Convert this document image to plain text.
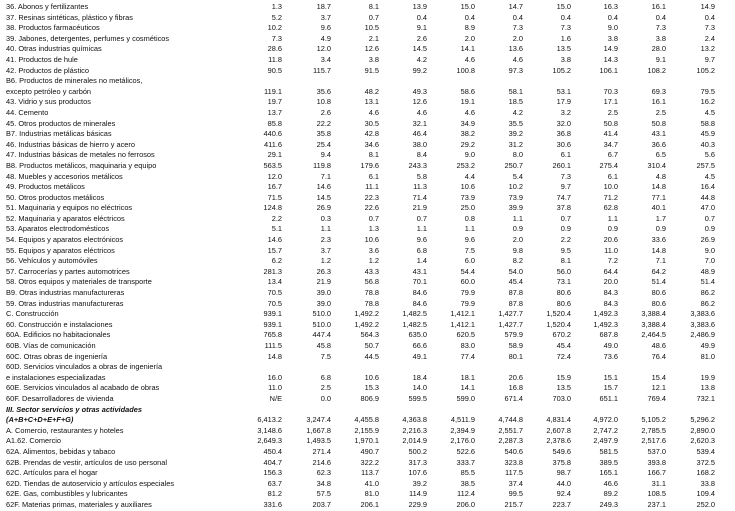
36. Abonos y fertilizantes	1.3	18.7	8.1	13.9	15.0	14.7	15.0	16.3	16.1	14.9
37. Resinas sintéticas, plástico y fibras	5.2	3.7	0.7	0.4	0.4	0.4	0.4	0.4	0.4	0.4
38. Productos farmacéuticos	10.2	9.6	10.5	9.1	8.9	7.3	7.3	9.0	7.3	7.3
39. Jabones, detergentes, perfumes y cosméticos	7.3	4.9	2.1	2.6	2.0	2.0	1.6	3.8	3.8	2.4
40. Otras industrias químicas	28.6	12.0	12.6	14.5	14.1	13.6	13.5	14.9	28.0	13.2
41. Productos de hule	11.8	3.4	3.8	4.2	4.6	4.6	3.8	14.3	9.1	9.7
42. Productos de plástico	90.5	115.7	91.5	99.2	100.8	97.3	105.2	106.1	108.2	105.2
B6. Productos de minerales no metálicos,
excepto petróleo y carbón	119.1	35.6	48.2	49.3	58.6	58.1	53.1	70.3	69.3	79.5
43. Vidrio y sus productos	19.7	10.8	13.1	12.6	19.1	18.5	17.9	17.1	16.1	16.2
44. Cemento	13.7	2.6	4.6	4.6	4.6	4.2	3.2	2.5	2.5	4.5
45. Otros productos de minerales	85.8	22.2	30.5	32.1	34.9	35.5	32.0	50.8	50.8	58.8
B7. Industrias metálicas básicas	440.6	35.8	42.8	46.4	38.2	39.2	36.8	41.4	43.1	45.9
46. Industrias básicas de hierro y acero	411.6	25.4	34.6	38.0	29.2	31.2	30.6	34.7	36.6	40.3
47. Industrias básicas de metales no ferrosos	29.1	9.4	8.1	8.4	9.0	8.0	6.1	6.7	6.5	5.6
B8. Productos metálicos, maquinaria y equipo	563.5	119.8	179.6	243.3	253.2	250.7	260.1	275.4	310.4	257.5
48. Muebles y accesorios metálicos	12.0	7.1	6.1	5.8	4.4	5.4	7.3	6.1	4.8	4.5
49. Productos metálicos	16.7	14.6	11.1	11.3	10.6	10.2	9.7	10.0	14.8	16.4
50. Otros productos metálicos	71.5	14.5	22.3	71.4	73.9	73.9	74.7	71.2	77.1	44.8
51. Maquinaria y equipos no eléctricos	124.8	26.9	22.6	21.9	25.0	39.9	37.8	62.8	40.1	47.0
52. Maquinaria y aparatos eléctricos	2.2	0.3	0.7	0.7	0.8	1.1	0.7	1.1	1.7	0.7
53. Aparatos electrodomésticos	5.1	1.1	1.3	1.1	1.1	0.9	0.9	0.9	0.9	0.9
54. Equipos y aparatos electrónicos	14.6	2.3	10.6	9.6	9.6	2.0	2.2	20.6	33.6	26.9
55. Equipos y aparatos eléctricos	15.7	3.7	3.6	6.8	7.5	9.8	9.5	11.0	14.8	9.0
56. Vehículos y automóviles	6.2	1.2	1.2	1.4	6.0	8.2	8.1	7.2	7.1	7.0
57. Carrocerías y partes automotrices	281.3	26.3	43.3	43.1	54.4	54.0	56.0	64.4	64.2	48.9
58. Otros equipos y materiales de transporte	13.4	21.9	56.8	70.1	60.0	45.4	73.1	20.0	51.4	51.4
B9. Otras industrias manufactureras	70.5	39.0	78.8	84.6	79.9	87.8	80.6	84.3	80.6	86.2
59. Otras industrias manufactureras	70.5	39.0	78.8	84.6	79.9	87.8	80.6	84.3	80.6	86.2
C. Construcción	939.1	510.0	1,492.2	1,482.5	1,412.1	1,427.7	1,520.4	1,492.3	3,388.4	3,383.6
60. Construcción e instalaciones	939.1	510.0	1,492.2	1,482.5	1,412.1	1,427.7	1,520.4	1,492.3	3,388.4	3,383.6
60A. Edificios no habitacionales	765.8	447.4	564.3	635.0	620.5	579.9	670.2	687.8	2,464.5	2,486.9
60B. Vías de comunicación	111.5	45.8	50.7	66.6	83.0	58.9	45.4	49.0	48.6	49.9
60C. Otras obras de ingeniería	14.8	7.5	44.5	49.1	77.4	80.1	72.4	73.6	76.4	81.0
60D. Servicios vinculados a obras de ingeniería
e instalaciones especializadas	16.0	6.8	10.6	18.4	18.1	20.6	15.9	15.1	15.4	19.9
60E. Servicios vinculados al acabado de obras	11.0	2.5	15.3	14.0	14.1	16.8	13.5	15.7	12.1	13.8
60F. Desarrolladores de vivienda	N/E	0.0	806.9	599.5	599.0	671.4	703.0	651.1	769.4	732.1
III. Sector servicios y otras actividades
(A+B+C+D+E+F+G)	6,413.2	3,247.4	4,455.8	4,363.8	4,511.9	4,744.8	4,831.4	4,972.0	5,105.2	5,296.2
A. Comercio, restaurantes y hoteles	3,148.6	1,667.8	2,155.9	2,216.3	2,394.9	2,551.7	2,607.8	2,747.2	2,785.5	2,890.0
A1.62. Comercio	2,649.3	1,493.5	1,970.1	2,014.9	2,176.0	2,287.3	2,378.6	2,497.9	2,517.6	2,620.3
62A. Alimentos, bebidas y tabaco	450.4	271.4	490.7	500.2	522.6	540.6	549.6	581.5	537.0	539.4
62B. Prendas de vestir, artículos de uso personal	404.7	214.6	322.2	317.3	333.7	323.8	375.8	389.5	393.8	372.5
62C. Artículos para el hogar	156.3	62.3	113.7	107.6	85.5	117.5	98.7	165.1	166.7	168.2
62D. Tiendas de autoservicio y artículos especiales	63.7	34.8	41.0	39.2	38.5	37.4	44.0	46.6	31.1	33.8
62E. Gas, combustibles y lubricantes	81.2	57.5	81.0	114.9	112.4	99.5	92.4	89.2	108.5	109.4
62F. Materias primas, materiales y auxiliares	331.6	203.7	206.1	229.9	206.0	215.7	223.7	249.3	237.1	252.0
